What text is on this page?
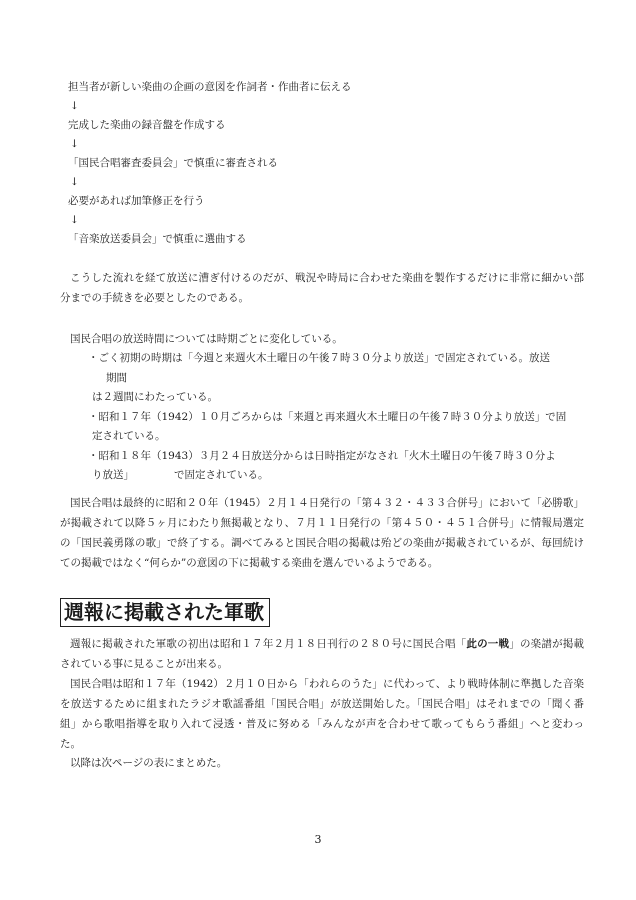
担当者が新しい楽曲の企画の意図を作詞者・作曲者に伝える
↓
完成した楽曲の録音盤を作成する
↓
「国民合唱審査委員会」で慎重に審査される
↓
必要があれば加筆修正を行う
↓
「音楽放送委員会」で慎重に選曲する
こうした流れを経て放送に漕ぎ付けるのだが、戦況や時局に合わせた楽曲を製作するだけに非常に細かい部分までの手続きを必要としたのである。
国民合唱の放送時間については時期ごとに変化している。
・ごく初期の時期は「今週と来週火木土曜日の午後７時３０分より放送」で固定されている。放送
期間
は２週間にわたっている。
・昭和１７年（1942）１０月ごろからは「来週と再来週火木土曜日の午後７時３０分より放送」で固
定されている。
・昭和１８年（1943）３月２４日放送分からは日時指定がなされ「火木土曜日の午後７時３０分よ
り放送」	で固定されている。
国民合唱は最終的に昭和２０年（1945）２月１４日発行の「第４３２・４３３合併号」において「必勝歌」が掲載されて以降５ヶ月にわたり無掲載となり、７月１１日発行の「第４５０・４５１合併号」に情報局選定の「国民義勇隊の歌」で終了する。調べてみると国民合唱の掲載は殆どの楽曲が掲載されているが、毎回続けての掲載ではなく“何らか”の意図の下に掲載する楽曲を選んでいるようである。
週報に掲載された軍歌
週報に掲載された軍歌の初出は昭和１７年２月１８日刊行の２８０号に国民合唱「此の一戦」の楽譜が掲載されている事に見ることが出来る。
国民合唱は昭和１７年（1942）２月１０日から「われらのうた」に代わって、より戦時体制に準拠した音楽を放送するために組まれたラジオ歌謡番組「国民合唱」が放送開始した。「国民合唱」はそれまでの「聞く番組」から歌唱指導を取り入れて浸透・普及に努める「みんなが声を合わせて歌ってもらう番組」へと変わった。
以降は次ページの表にまとめた。
3
